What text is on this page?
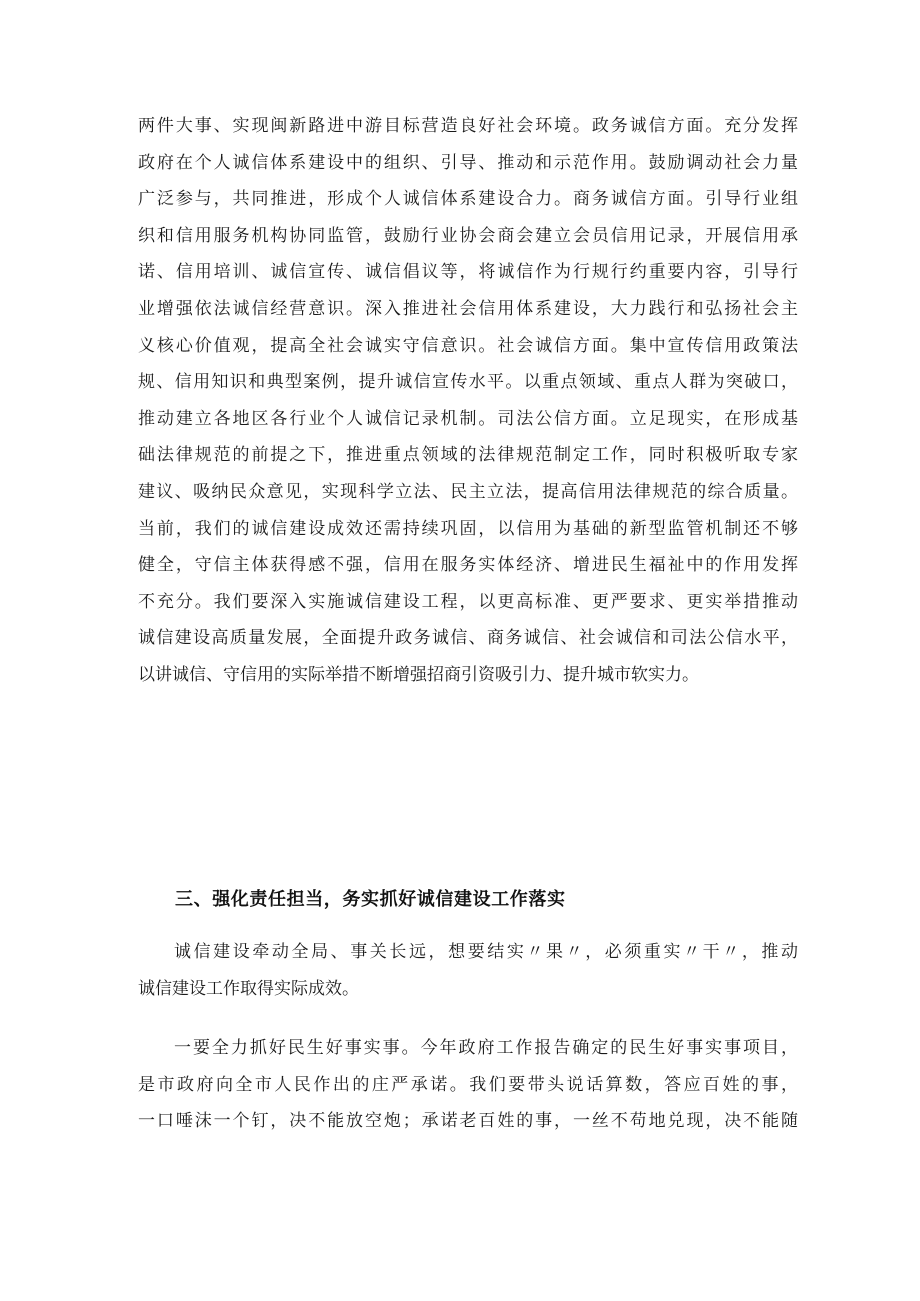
两件大事、实现闽新路进中游目标营造良好社会环境。政务诚信方面。充分发挥
政府在个人诚信体系建设中的组织、引导、推动和示范作用。鼓励调动社会力量
广泛参与，共同推进，形成个人诚信体系建设合力。商务诚信方面。引导行业组
织和信用服务机构协同监管，鼓励行业协会商会建立会员信用记录，开展信用承
诺、信用培训、诚信宣传、诚信倡议等，将诚信作为行规行约重要内容，引导行
业增强依法诚信经营意识。深入推进社会信用体系建设，大力践行和弘扬社会主
义核心价值观，提高全社会诚实守信意识。社会诚信方面。集中宣传信用政策法
规、信用知识和典型案例，提升诚信宣传水平。以重点领域、重点人群为突破口，
推动建立各地区各行业个人诚信记录机制。司法公信方面。立足现实，在形成基
础法律规范的前提之下，推进重点领域的法律规范制定工作，同时积极听取专家
建议、吸纳民众意见，实现科学立法、民主立法，提高信用法律规范的综合质量。
当前，我们的诚信建设成效还需持续巩固，以信用为基础的新型监管机制还不够
健全，守信主体获得感不强，信用在服务实体经济、增进民生福祉中的作用发挥
不充分。我们要深入实施诚信建设工程，以更高标准、更严要求、更实举措推动
诚信建设高质量发展，全面提升政务诚信、商务诚信、社会诚信和司法公信水平，
以讲诚信、守信用的实际举措不断增强招商引资吸引力、提升城市软实力。
三、强化责任担当，务实抓好诚信建设工作落实
诚信建设牵动全局、事关长远，想要结实〃果〃，必须重实〃干〃，推动
诚信建设工作取得实际成效。
一要全力抓好民生好事实事。今年政府工作报告确定的民生好事实事项目，
是市政府向全市人民作出的庄严承诺。我们要带头说话算数，答应百姓的事，
一口唾沫一个钉，决不能放空炮；承诺老百姓的事，一丝不苟地兑现，决不能随
